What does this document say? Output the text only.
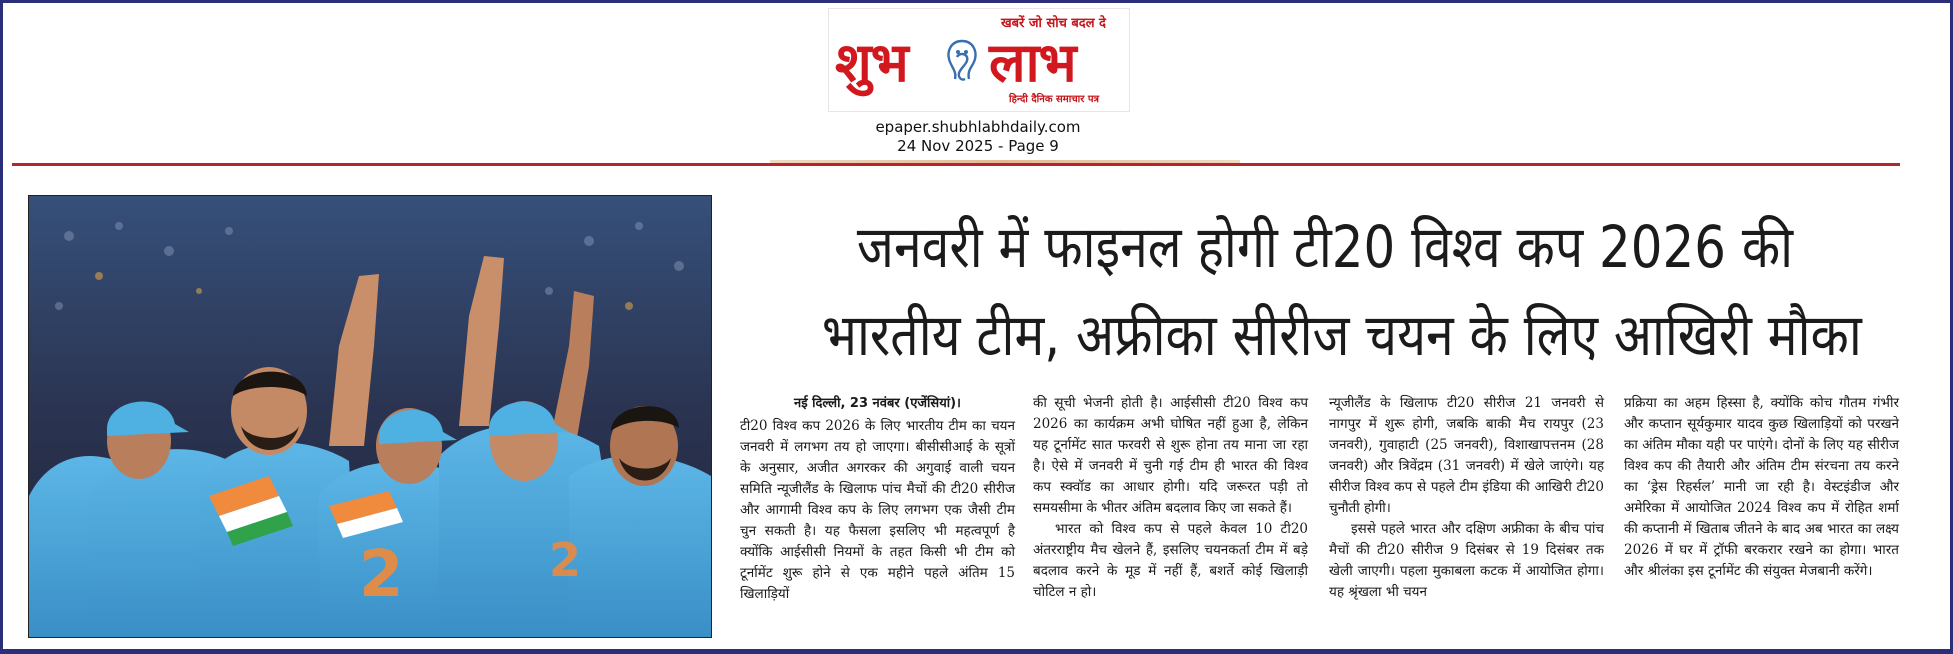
खबरें जो सोच बदल दे
शुभ लाभ
हिन्दी दैनिक समाचार पत्र
epaper.shubhlabhdaily.com
24 Nov 2025 - Page 9
2	2
जनवरी में फाइनल होगी टी20 विश्व कप 2026 की
भारतीय टीम, अफ्रीका सीरीज चयन के लिए आखिरी मौका
नई दिल्ली, 23 नवंबर (एजेंसियां)।

टी20 विश्व कप 2026 के लिए भारतीय टीम का चयन जनवरी में लगभग तय हो जाएगा। बीसीसीआई के सूत्रों के अनुसार, अजीत अगरकर की अगुवाई वाली चयन समिति न्यूजीलैंड के खिलाफ पांच मैचों की टी20 सीरीज और आगामी विश्व कप के लिए लगभग एक जैसी टीम चुन सकती है। यह फैसला इसलिए भी महत्वपूर्ण है क्योंकि आईसीसी नियमों के तहत किसी भी टीम को टूर्नामेंट शुरू होने से एक महीने पहले अंतिम 15 खिलाड़ियों

की सूची भेजनी होती है। आईसीसी टी20 विश्व कप 2026 का कार्यक्रम अभी घोषित नहीं हुआ है, लेकिन यह टूर्नामेंट सात फरवरी से शुरू होना तय माना जा रहा है। ऐसे में जनवरी में चुनी गई टीम ही भारत की विश्व कप स्क्वॉड का आधार होगी। यदि जरूरत पड़ी तो समयसीमा के भीतर अंतिम बदलाव किए जा सकते हैं।

भारत को विश्व कप से पहले केवल 10 टी20 अंतरराष्ट्रीय मैच खेलने हैं, इसलिए चयनकर्ता टीम में बड़े बदलाव करने के मूड में नहीं हैं, बशर्ते कोई खिलाड़ी चोटिल न हो।

न्यूजीलैंड के खिलाफ टी20 सीरीज 21 जनवरी से नागपुर में शुरू होगी, जबकि बाकी मैच रायपुर (23 जनवरी), गुवाहाटी (25 जनवरी), विशाखापत्तनम (28 जनवरी) और त्रिवेंद्रम (31 जनवरी) में खेले जाएंगे। यह सीरीज विश्व कप से पहले टीम इंडिया की आखिरी टी20 चुनौती होगी।

इससे पहले भारत और दक्षिण अफ्रीका के बीच पांच मैचों की टी20 सीरीज 9 दिसंबर से 19 दिसंबर तक खेली जाएगी। पहला मुकाबला कटक में आयोजित होगा। यह श्रृंखला भी चयन

प्रक्रिया का अहम हिस्सा है, क्योंकि कोच गौतम गंभीर और कप्तान सूर्यकुमार यादव कुछ खिलाड़ियों को परखने का अंतिम मौका यही पर पाएंगे। दोनों के लिए यह सीरीज विश्व कप की तैयारी और अंतिम टीम संरचना तय करने का ‘ड्रेस रिहर्सल’ मानी जा रही है। वेस्टइंडीज और अमेरिका में आयोजित 2024 विश्व कप में रोहित शर्मा की कप्तानी में खिताब जीतने के बाद अब भारत का लक्ष्य 2026 में घर में ट्रॉफी बरकरार रखने का होगा। भारत और श्रीलंका इस टूर्नामेंट की संयुक्त मेजबानी करेंगे।
